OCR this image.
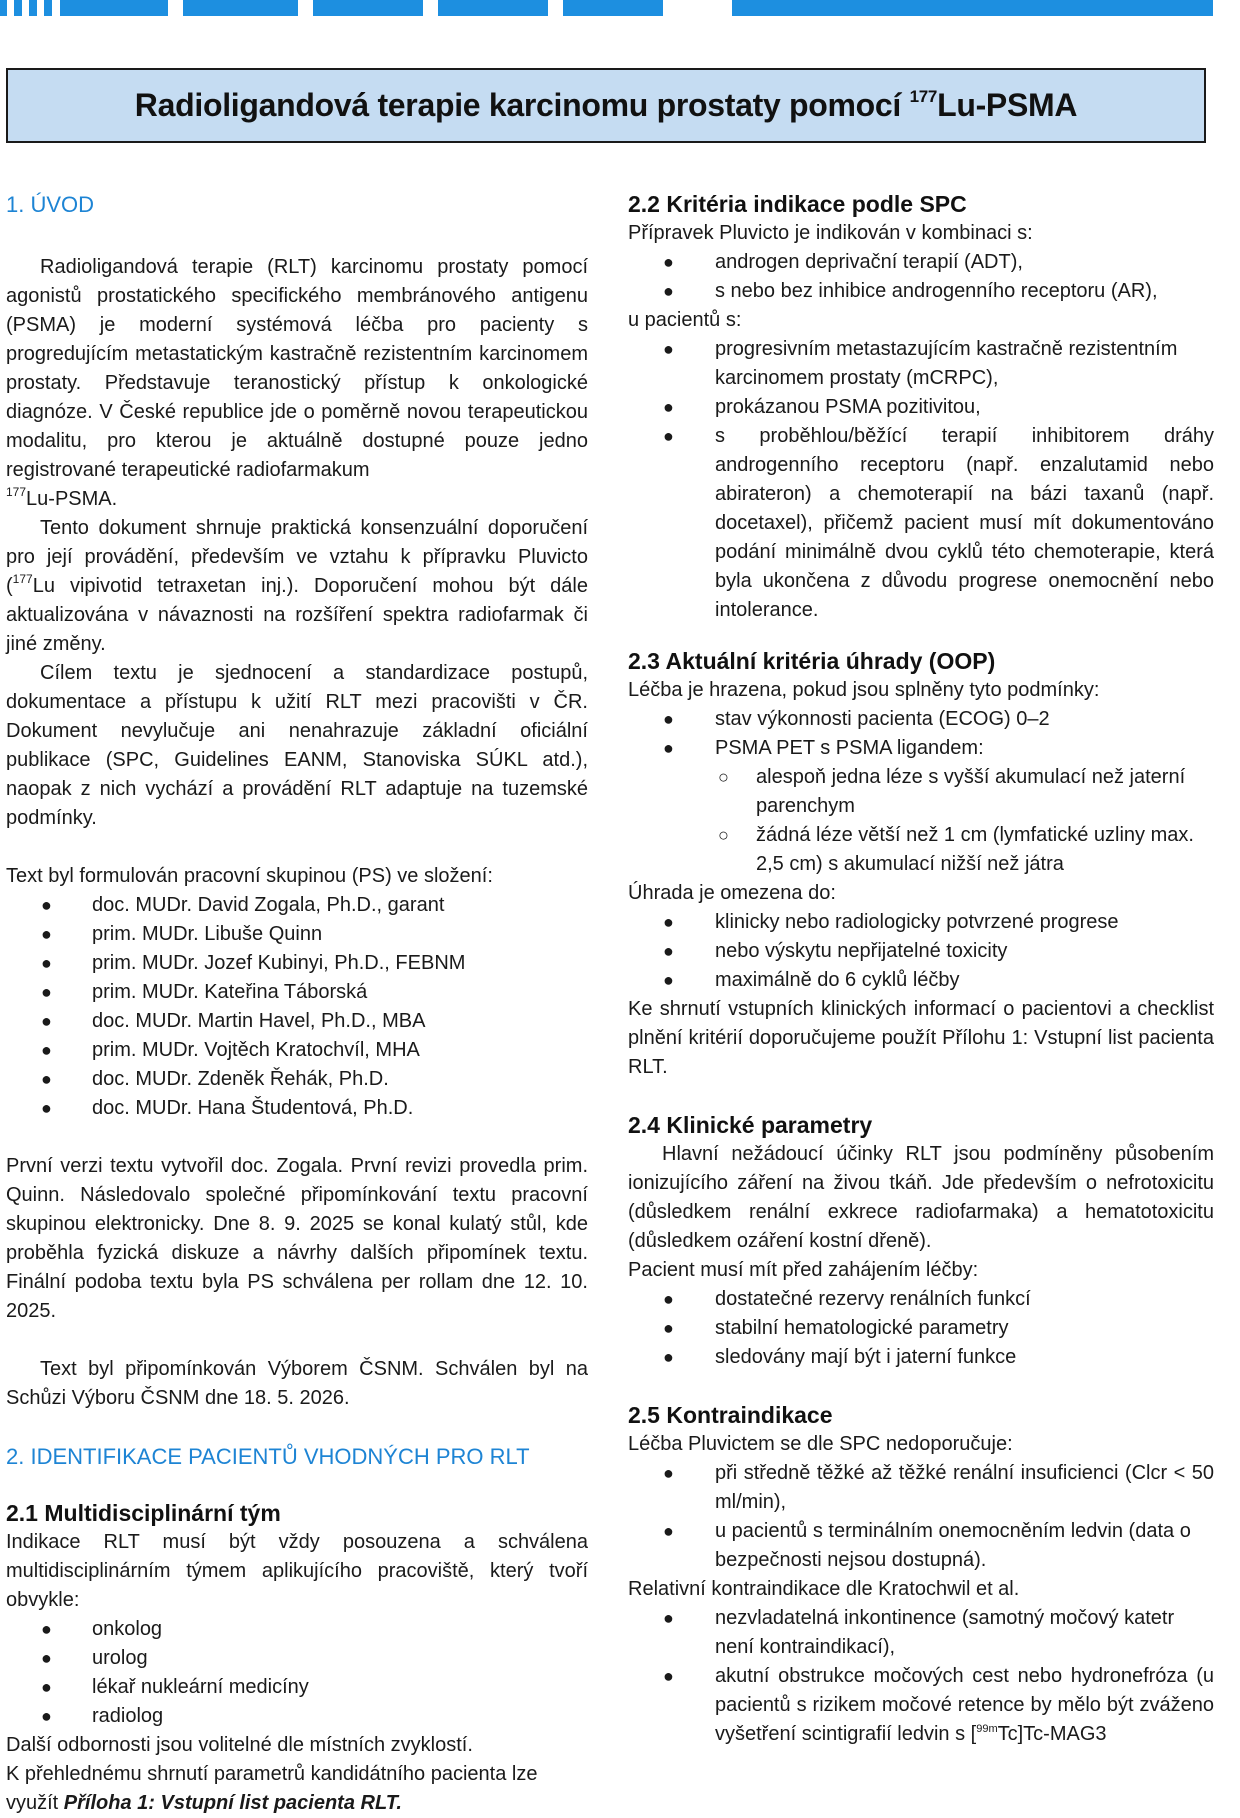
Radioligandová terapie karcinomu prostaty pomocí $^{177}$Lu-PSMA
1. ÚVOD

Radioligandová terapie (RLT) karcinomu prostaty pomocí agonistů prostatického specifického membránového antigenu (PSMA) je moderní systémová léčba pro pacienty s progredujícím metastatickým kastračně rezistentním karcinomem prostaty. Představuje teranostický přístup k onkologické diagnóze. V České republice jde o poměrně novou terapeutickou modalitu, pro kterou je aktuálně dostupné pouze jedno registrované terapeutické radiofarmakum
$^{177}$Lu-PSMA.

Tento dokument shrnuje praktická konsenzuální doporučení pro její provádění, především ve vztahu k přípravku Pluvicto ($^{177}$Lu vipivotid tetraxetan inj.). Doporučení mohou být dále aktualizována v návaznosti na rozšíření spektra radiofarmak či jiné změny.

Cílem textu je sjednocení a standardizace postupů, dokumentace a přístupu k užití RLT mezi pracovišti v ČR. Dokument nevylučuje ani nenahrazuje základní oficiální publikace (SPC, Guidelines EANM, Stanoviska SÚKL atd.), naopak z nich vychází a provádění RLT adaptuje na tuzemské podmínky.

Text byl formulován pracovní skupinou (PS) ve složení:

● doc. MUDr. David Zogala, Ph.D., garant
● prim. MUDr. Libuše Quinn
● prim. MUDr. Jozef Kubinyi, Ph.D., FEBNM
● prim. MUDr. Kateřina Táborská
● doc. MUDr. Martin Havel, Ph.D., MBA
● prim. MUDr. Vojtěch Kratochvíl, MHA
● doc. MUDr. Zdeněk Řehák, Ph.D.
● doc. MUDr. Hana Študentová, Ph.D.

První verzi textu vytvořil doc. Zogala. První revizi provedla prim. Quinn. Následovalo společné připomínkování textu pracovní skupinou elektronicky. Dne 8. 9. 2025 se konal kulatý stůl, kde proběhla fyzická diskuze a návrhy dalších připomínek textu. Finální podoba textu byla PS schválena per rollam dne 12. 10. 2025.

Text byl připomínkován Výborem ČSNM. Schválen byl na Schůzi Výboru ČSNM dne 18. 5. 2026.

2. IDENTIFIKACE PACIENTŮ VHODNÝCH PRO RLT
2.1 Multidisciplinární tým

Indikace RLT musí být vždy posouzena a schválena multidisciplinárním týmem aplikujícího pracoviště, který tvoří obvykle:

● onkolog
● urolog
● lékař nukleární medicíny
● radiolog

Další odbornosti jsou volitelné dle místních zvyklostí.

K přehlednému shrnutí parametrů kandidátního pacienta lze využít Příloha 1: Vstupní list pacienta RLT.

2.2 Kritéria indikace podle SPC

Přípravek Pluvicto je indikován v kombinaci s:

● androgen deprivační terapií (ADT),
● s nebo bez inhibice androgenního receptoru (AR),

u pacientů s:

● progresivním metastazujícím kastračně rezistentním karcinomem prostaty (mCRPC),
● prokázanou PSMA pozitivitou,
● s proběhlou/běžící terapií inhibitorem dráhy androgenního receptoru (např. enzalutamid nebo abirateron) a chemoterapií na bázi taxanů (např. docetaxel), přičemž pacient musí mít dokumentováno podání minimálně dvou cyklů této chemoterapie, která byla ukončena z důvodu progrese onemocnění nebo intolerance.
2.3 Aktuální kritéria úhrady (OOP)

Léčba je hrazena, pokud jsou splněny tyto podmínky:

● stav výkonnosti pacienta (ECOG) 0–2
● PSMA PET s PSMA ligandem:
○ alespoň jedna léze s vyšší akumulací než jaterní parenchym
○ žádná léze větší než 1 cm (lymfatické uzliny max. 2,5 cm) s akumulací nižší než játra

Úhrada je omezena do:

● klinicky nebo radiologicky potvrzené progrese
● nebo výskytu nepřijatelné toxicity
● maximálně do 6 cyklů léčby

Ke shrnutí vstupních klinických informací o pacientovi a checklist plnění kritérií doporučujeme použít Přílohu 1: Vstupní list pacienta RLT.

2.4 Klinické parametry

Hlavní nežádoucí účinky RLT jsou podmíněny působením ionizujícího záření na živou tkáň. Jde především o nefrotoxicitu (důsledkem renální exkrece radiofarmaka) a hematotoxicitu (důsledkem ozáření kostní dřeně).

Pacient musí mít před zahájením léčby:

● dostatečné rezervy renálních funkcí
● stabilní hematologické parametry
● sledovány mají být i jaterní funkce
2.5 Kontraindikace

Léčba Pluvictem se dle SPC nedoporučuje:

● při středně těžké až těžké renální insuficienci (Clcr < 50 ml/min),
● u pacientů s terminálním onemocněním ledvin (data o bezpečnosti nejsou dostupná).

Relativní kontraindikace dle Kratochwil et al.

● nezvladatelná inkontinence (samotný močový katetr není kontraindikací),
● akutní obstrukce močových cest nebo hydronefróza (u pacientů s rizikem močové retence by mělo být zváženo vyšetření scintigrafií ledvin s [$^{99m}$Tc]Tc-MAG3
